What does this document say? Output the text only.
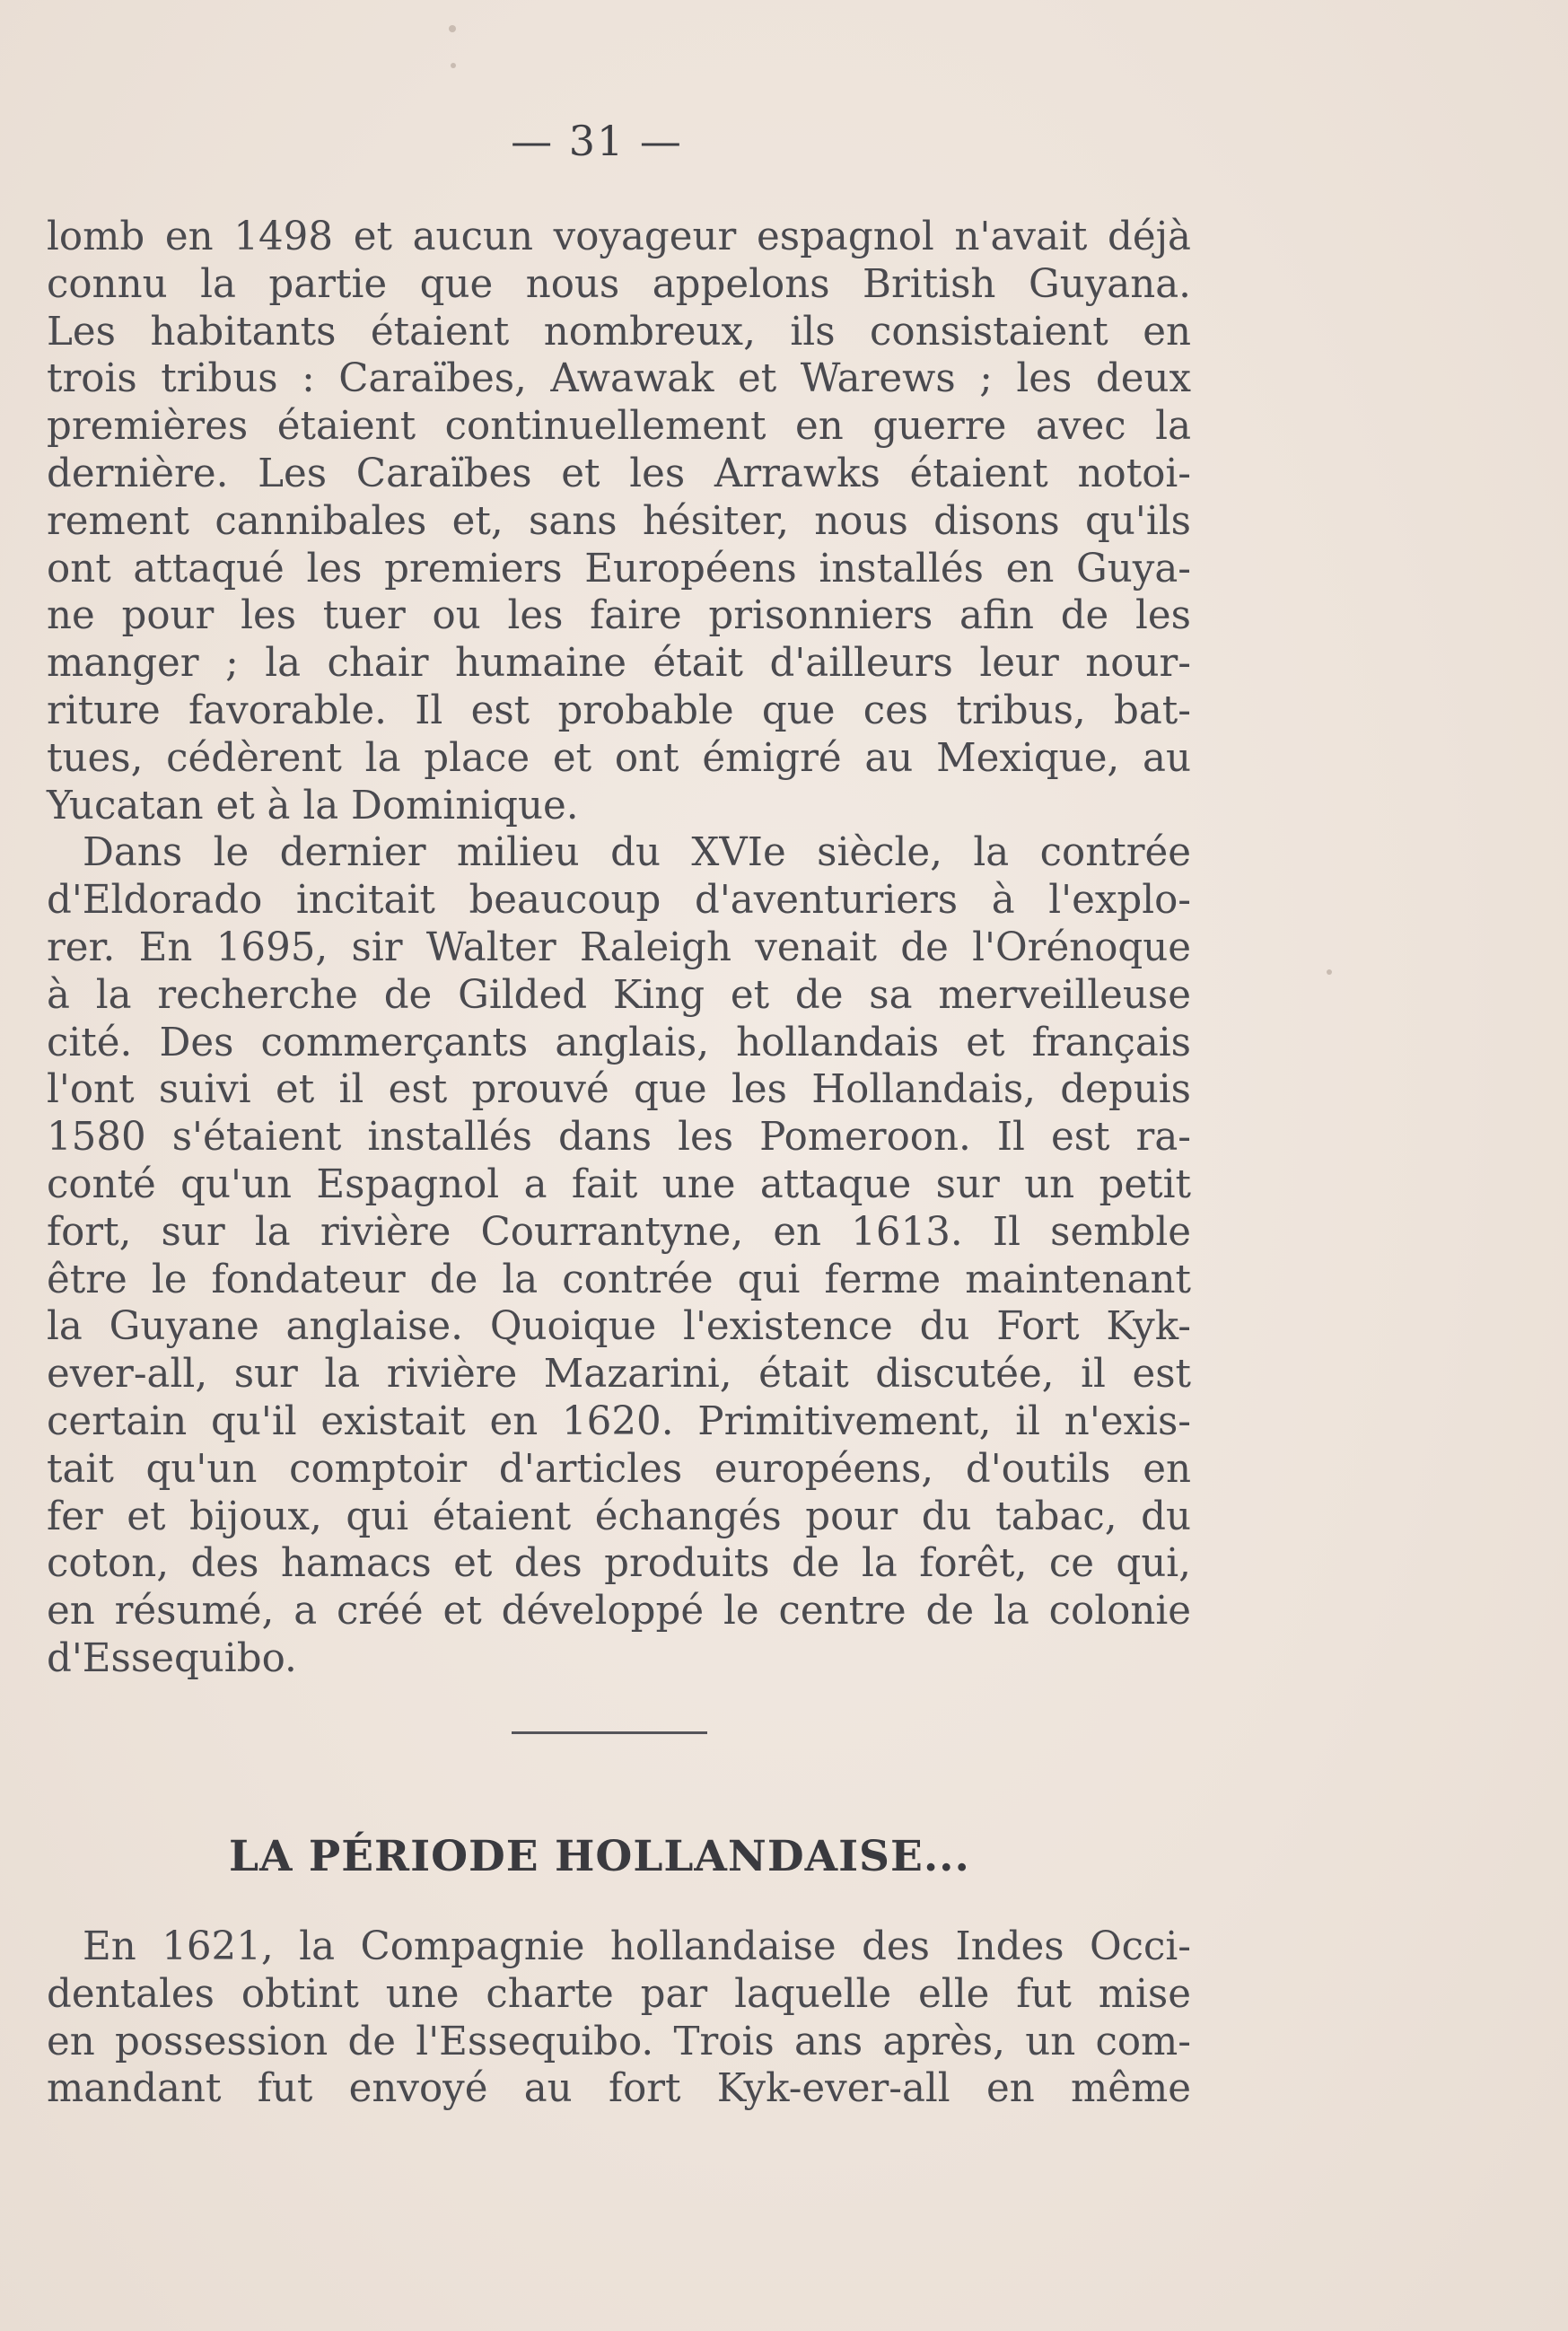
— 31 —
lomb en 1498 et aucun voyageur espagnol n'avait déjà
connu la partie que nous appelons British Guyana.
Les habitants étaient nombreux, ils consistaient en
trois tribus : Caraïbes, Awawak et Warews ; les deux
premières étaient continuellement en guerre avec la
dernière. Les Caraïbes et les Arrawks étaient notoi-
rement cannibales et, sans hésiter, nous disons qu'ils
ont attaqué les premiers Européens installés en Guya-
ne pour les tuer ou les faire prisonniers afin de les
manger ; la chair humaine était d'ailleurs leur nour-
riture favorable. Il est probable que ces tribus, bat-
tues, cédèrent la place et ont émigré au Mexique, au
Yucatan et à la Dominique.
Dans le dernier milieu du XVIe siècle, la contrée
d'Eldorado incitait beaucoup d'aventuriers à l'explo-
rer. En 1695, sir Walter Raleigh venait de l'Orénoque
à la recherche de Gilded King et de sa merveilleuse
cité. Des commerçants anglais, hollandais et français
l'ont suivi et il est prouvé que les Hollandais, depuis
1580 s'étaient installés dans les Pomeroon. Il est ra-
conté qu'un Espagnol a fait une attaque sur un petit
fort, sur la rivière Courrantyne, en 1613. Il semble
être le fondateur de la contrée qui ferme maintenant
la Guyane anglaise. Quoique l'existence du Fort Kyk-
ever-all, sur la rivière Mazarini, était discutée, il est
certain qu'il existait en 1620. Primitivement, il n'exis-
tait qu'un comptoir d'articles européens, d'outils en
fer et bijoux, qui étaient échangés pour du tabac, du
coton, des hamacs et des produits de la forêt, ce qui,
en résumé, a créé et développé le centre de la colonie
d'Essequibo.
LA PÉRIODE HOLLANDAISE...
En 1621, la Compagnie hollandaise des Indes Occi-
dentales obtint une charte par laquelle elle fut mise
en possession de l'Essequibo. Trois ans après, un com-
mandant fut envoyé au fort Kyk-ever-all en même
